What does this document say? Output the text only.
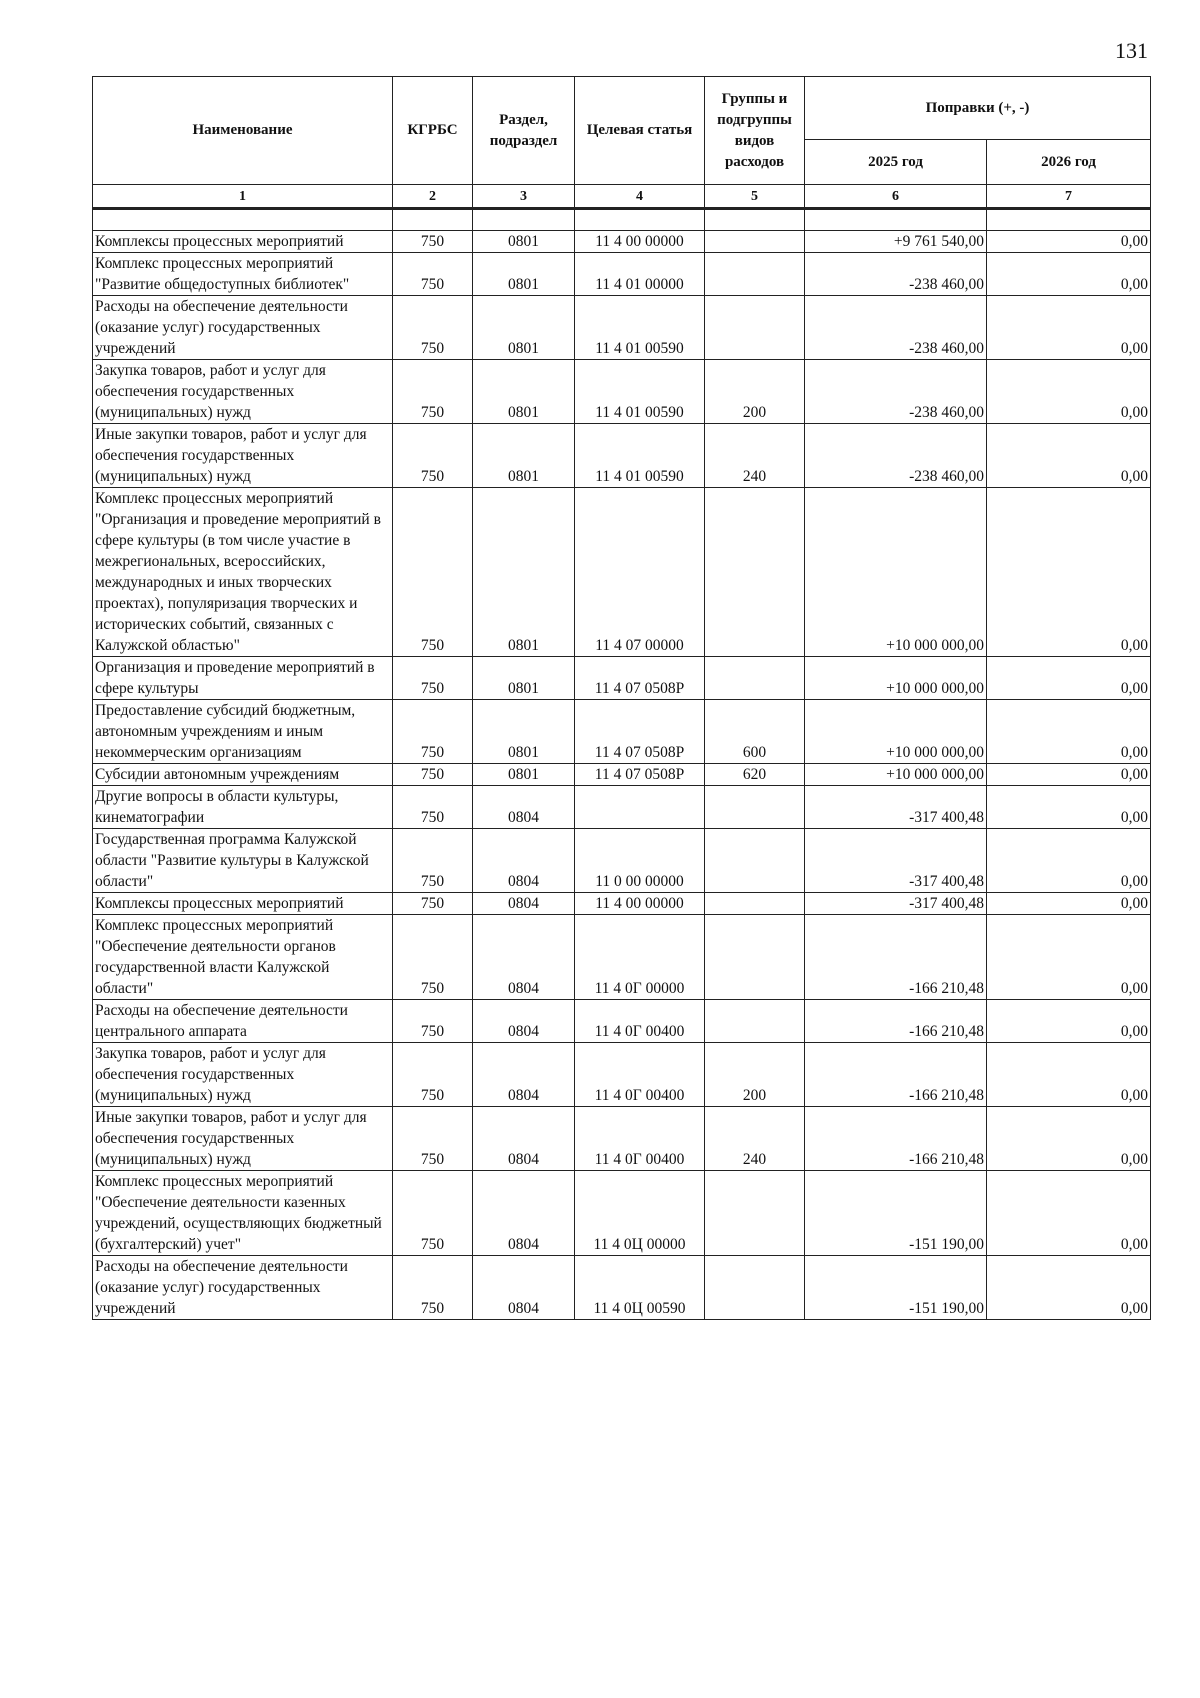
131
Наименование	КГРБС	Раздел, подраздел	Целевая статья	Группы и подгруппы видов расходов	Поправки (+, -)	
					2025 год	2026 год
1	2	3	4	5	6	7

Комплексы процессных мероприятий	750	0801	11 4 00 00000		+9 761 540,00	0,00
Комплекс процессных мероприятий "Развитие общедоступных библиотек"	750	0801	11 4 01 00000		-238 460,00	0,00
Расходы на обеспечение деятельности (оказание услуг) государственных учреждений	750	0801	11 4 01 00590		-238 460,00	0,00
Закупка товаров, работ и услуг для обеспечения государственных (муниципальных) нужд	750	0801	11 4 01 00590	200	-238 460,00	0,00
Иные закупки товаров, работ и услуг для обеспечения государственных (муниципальных) нужд	750	0801	11 4 01 00590	240	-238 460,00	0,00
Комплекс процессных мероприятий "Организация и проведение мероприятий в сфере культуры (в том числе участие в межрегиональных, всероссийских, международных и иных творческих проектах), популяризация творческих и исторических событий, связанных с Калужской областью"	750	0801	11 4 07 00000		+10 000 000,00	0,00
Организация и проведение мероприятий в сфере культуры	750	0801	11 4 07 0508Р		+10 000 000,00	0,00
Предоставление субсидий бюджетным, автономным учреждениям и иным некоммерческим организациям	750	0801	11 4 07 0508Р	600	+10 000 000,00	0,00
Субсидии автономным учреждениям	750	0801	11 4 07 0508Р	620	+10 000 000,00	0,00
Другие вопросы в области культуры, кинематографии	750	0804			-317 400,48	0,00
Государственная программа Калужской области "Развитие культуры в Калужской области"	750	0804	11 0 00 00000		-317 400,48	0,00
Комплексы процессных мероприятий	750	0804	11 4 00 00000		-317 400,48	0,00
Комплекс процессных мероприятий "Обеспечение деятельности органов государственной власти Калужской области"	750	0804	11 4 0Г 00000		-166 210,48	0,00
Расходы на обеспечение деятельности центрального аппарата	750	0804	11 4 0Г 00400		-166 210,48	0,00
Закупка товаров, работ и услуг для обеспечения государственных (муниципальных) нужд	750	0804	11 4 0Г 00400	200	-166 210,48	0,00
Иные закупки товаров, работ и услуг для обеспечения государственных (муниципальных) нужд	750	0804	11 4 0Г 00400	240	-166 210,48	0,00
Комплекс процессных мероприятий "Обеспечение деятельности казенных учреждений, осуществляющих бюджетный (бухгалтерский) учет"	750	0804	11 4 0Ц 00000		-151 190,00	0,00
Расходы на обеспечение деятельности (оказание услуг) государственных учреждений	750	0804	11 4 0Ц 00590		-151 190,00	0,00
